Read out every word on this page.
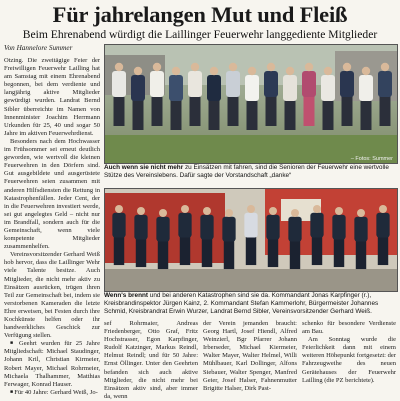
Für jahrelangen Mut und Fleiß
Beim Ehrenabend würdigt die Laillinger Feuerwehr langgediente Mitglieder
Von Hannelore Summer

Otzing. Die zweitägige Feier der Freiwilligen Feuerwehr Lailling hat am Samstag mit einem Ehrenabend begonnen, bei dem verdiente und langjährig aktive Mitglieder gewürdigt wurden. Landrat Bernd Sibler überreichte im Namen von Innenminister Joachim Herrmann Urkunden für 25, 40 und sogar 50 Jahre im aktiven Feuerwehrdienst.

Besonders nach dem Hochwasser im Frühsommer sei erneut deutlich geworden, wie wertvoll die kleinen Feuerwehren in den Dörfern sind. Gut ausgebildete und ausgerüstete Feuerwehren seien zusammen mit anderen Hilfsdiensten die Rettung in Katastrophenfällen. Jeder Cent, der in die Feuerwehren investiert werde, sei gut angelegtes Geld – nicht nur im Brandfall, sondern auch für die Gemeinschaft, wenn viele kompetente Mitglieder zusammenhelfen.

Vereinsvorsitzender Gerhard Weiß hob hervor, dass die Laillinger Wehr viele Talente besitze. Auch Mitglieder, die nicht mehr aktiv zu Einsätzen ausrücken, trügen ihren Teil zur Gemeinschaft bei, indem sie verstorbenen Kameraden die letzte Ehre erweisen, bei Festen durch ihre Kochkünste helfen oder ihr handwerkliches Geschick zur Verfügung stellen.

■ Geehrt wurden für 25 Jahre Mitgliedschaft: Michael Staudinger, Johann Kril, Christian Kirmeier, Robert Mayer, Michael Rohrmeier, Michaela Thalhammer, Matthias Ferwager, Konrad Hauser.

■ Für 40 Jahre: Gerhard Weiß, Jo-

– Fotos: Summer
Auch wenn sie nicht mehr zu Einsätzen mit fahren, sind die Senioren der Feuerwehr eine wertvolle Stütze des Vereinslebens. Dafür sagte der Vorstandschaft „danke“
Wenn's brennt und bei anderen Katastrophen sind sie da. Kommandant Jonas Karpfinger (r.), Kreisbrandinspektor Jürgen Kainz, 2. Kommandant Stefan Kammerlohr, Bürgermeister Johannes Schmid, Kreisbrandrat Erwin Wurzer, Landrat Bernd Sibler, Vereinsvorsitzender Gerhard Weiß.

sef Rohrmaier, Andreas Friedenberger, Otto Graf, Fritz Hochstrasser, Egon Karpfinger, Rudolf Katzinger, Markus Reindl, Helmut Reindl; und für 50 Jahre: Ernst Öllinger. Unter den Geehrten befanden sich auch aktive Mitglieder, die nicht mehr bei Einsätzen aktiv sind, aber immer da, wenn

der Verein jemanden braucht: Georg Hartl, Josef Hiendl, Alfred Weinzierl, Bgr Pfarrer Johann Irberseder, Michael Kiermeier, Walter Mayer, Walter Helmel, Willi Mühlbauer, Karl Dollinger, Alfons Siebauer, Walter Spenger, Manfred Geier, Josef Halser, Fahnenmutter Brigitte Halser, Dirk Past-

schenko für besondere Verdienste am Bau.

Am Sonntag wurde die Feierlichkeit dann mit einem weiteren Höhepunkt fortgesetzt: der Fahrzeugweihe des neuen Gerätehauses der Feuerwehr Lailling (die PZ berichtete).
